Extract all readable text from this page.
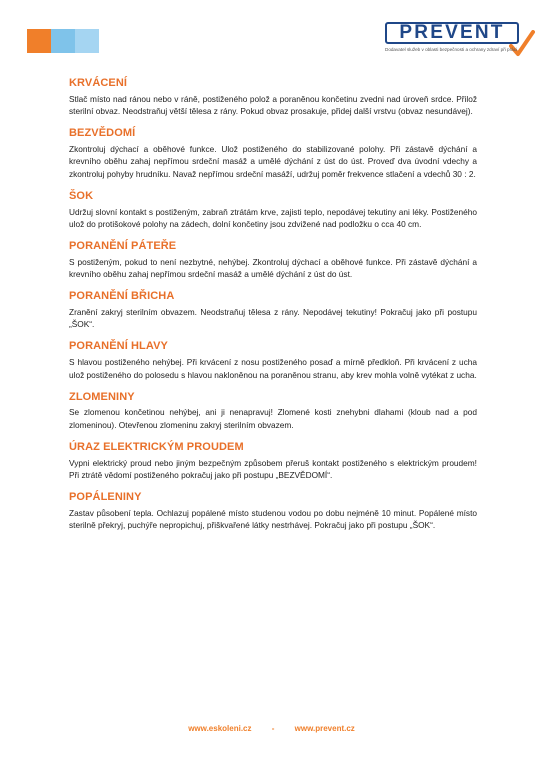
PREVENT
Dodavatel služeb v oblasti bezpečnosti a ochrany zdraví při práci
KRVÁCENÍ

Stlač místo nad ránou nebo v ráně, postiženého polož a poraněnou končetinu zvedni nad úroveň srdce. Přilož sterilní obvaz. Neodstraňuj větší tělesa z rány. Pokud obvaz prosakuje, přidej další vrstvu (obvaz nesundávej).

BEZVĚDOMÍ

Zkontroluj dýchací a oběhové funkce. Ulož postiženého do stabilizované polohy. Při zástavě dýchání a krevního oběhu zahaj nepřímou srdeční masáž a umělé dýchání z úst do úst. Proveď dva úvodní vdechy a zkontroluj pohyby hrudníku. Navaž nepřímou srdeční masáží, udržuj poměr frekvence stlačení a vdechů 30 : 2.

ŠOK

Udržuj slovní kontakt s postiženým, zabraň ztrátám krve, zajisti teplo, nepodávej tekutiny ani léky. Postiženého ulož do protišokové polohy na zádech, dolní končetiny jsou zdvižené nad podložku o cca 40 cm.

PORANĚNÍ PÁTEŘE

S postiženým, pokud to není nezbytné, nehýbej. Zkontroluj dýchací a oběhové funkce. Při zástavě dýchání a krevního oběhu zahaj nepřímou srdeční masáž a umělé dýchání z úst do úst.

PORANĚNÍ BŘICHA

Zranění zakryj sterilním obvazem. Neodstraňuj tělesa z rány. Nepodávej tekutiny! Pokračuj jako při postupu „ŠOK“.

PORANĚNÍ HLAVY

S hlavou postiženého nehýbej. Při krvácení z nosu postiženého posaď a mírně předkloň. Při krvácení z ucha ulož postiženého do polosedu s hlavou nakloněnou na poraněnou stranu, aby krev mohla volně vytékat z ucha.

ZLOMENINY

Se zlomenou končetinou nehýbej, ani ji nenapravuj! Zlomené kosti znehybni dlahami (kloub nad a pod zlomeninou). Otevřenou zlomeninu zakryj sterilním obvazem.

ÚRAZ ELEKTRICKÝM PROUDEM

Vypni elektrický proud nebo jiným bezpečným způsobem přeruš kontakt postiženého s elektrickým proudem! Při ztrátě vědomí postiženého pokračuj jako při postupu „BEZVĚDOMÍ“.

POPÁLENINY

Zastav působení tepla. Ochlazuj popálené místo studenou vodou po dobu nejméně 10 minut. Popálené místo sterilně překryj, puchýře nepropichuj, přiškvařené látky nestrhávej. Pokračuj jako při postupu „ŠOK“.

www.eskoleni.cz	-	www.prevent.cz
